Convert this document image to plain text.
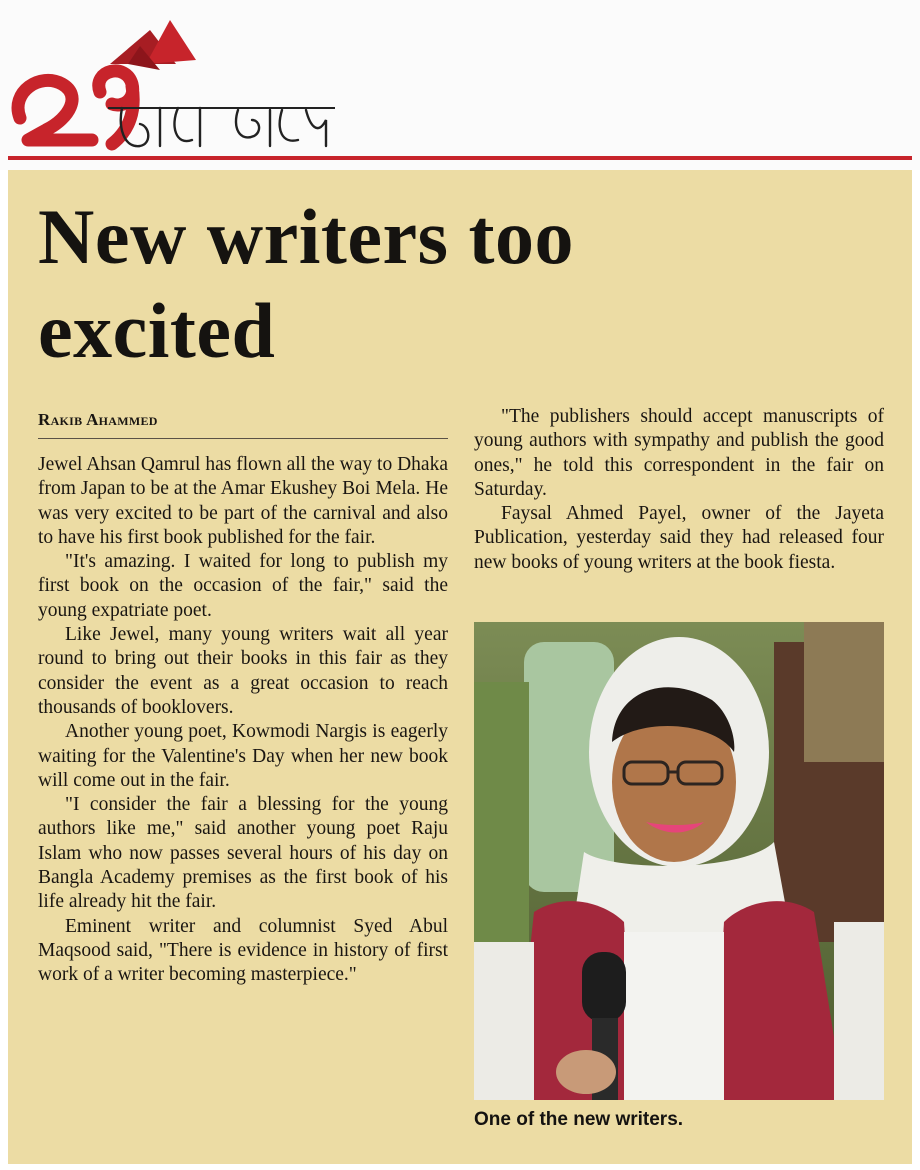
New writers too excited
Rakib Ahammed

Jewel Ahsan Qamrul has flown all the way to Dhaka from Japan to be at the Amar Ekushey Boi Mela. He was very excited to be part of the carnival and also to have his first book published for the fair.

"It's amazing. I waited for long to publish my first book on the occasion of the fair," said the young expatriate poet.

Like Jewel, many young writers wait all year round to bring out their books in this fair as they consider the event as a great occasion to reach thousands of booklovers.

Another young poet, Kowmodi Nargis is eagerly waiting for the Valentine's Day when her new book will come out in the fair.

"I consider the fair a blessing for the young authors like me," said another young poet Raju Islam who now passes several hours of his day on Bangla Academy premises as the first book of his life already hit the fair.

Eminent writer and columnist Syed Abul Maqsood said, "There is evidence in history of first work of a writer becoming masterpiece."

"The publishers should accept manuscripts of young authors with sympathy and publish the good ones," he told this correspondent in the fair on Saturday.

Faysal Ahmed Payel, owner of the Jayeta Publication, yesterday said they had released four new books of young writers at the book fiesta.

One of the new writers.
